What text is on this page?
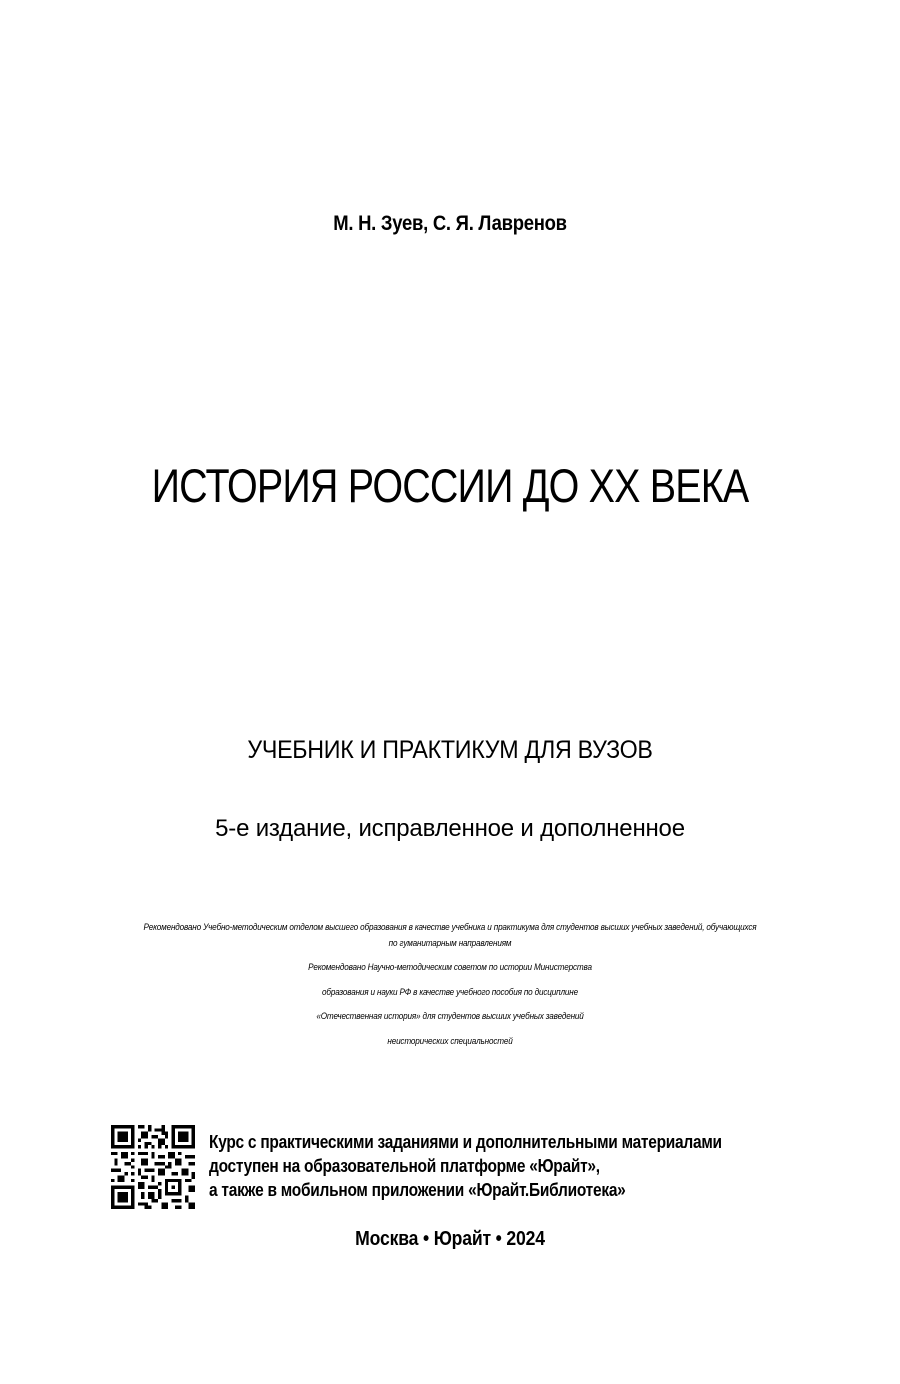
М. Н. Зуев, С. Я. Лавренов
ИСТОРИЯ РОССИИ ДО XX ВЕКА
УЧЕБНИК И ПРАКТИКУМ ДЛЯ ВУЗОВ
5-е издание, исправленное и дополненное
Рекомендовано Учебно-методическим отделом высшего образования в качестве учебника и практикума для студентов высших учебных заведений, обучающихся
по гуманитарным направлениям
Рекомендовано Научно-методическим советом по истории Министерства
образования и науки РФ в качестве учебного пособия по дисциплине
«Отечественная история» для студентов высших учебных заведений
неисторических специальностей
Курс с практическими заданиями и дополнительными материалами
доступен на образовательной платформе «Юрайт»,
а также в мобильном приложении «Юрайт.Библиотека»
Москва • Юрайт • 2024
